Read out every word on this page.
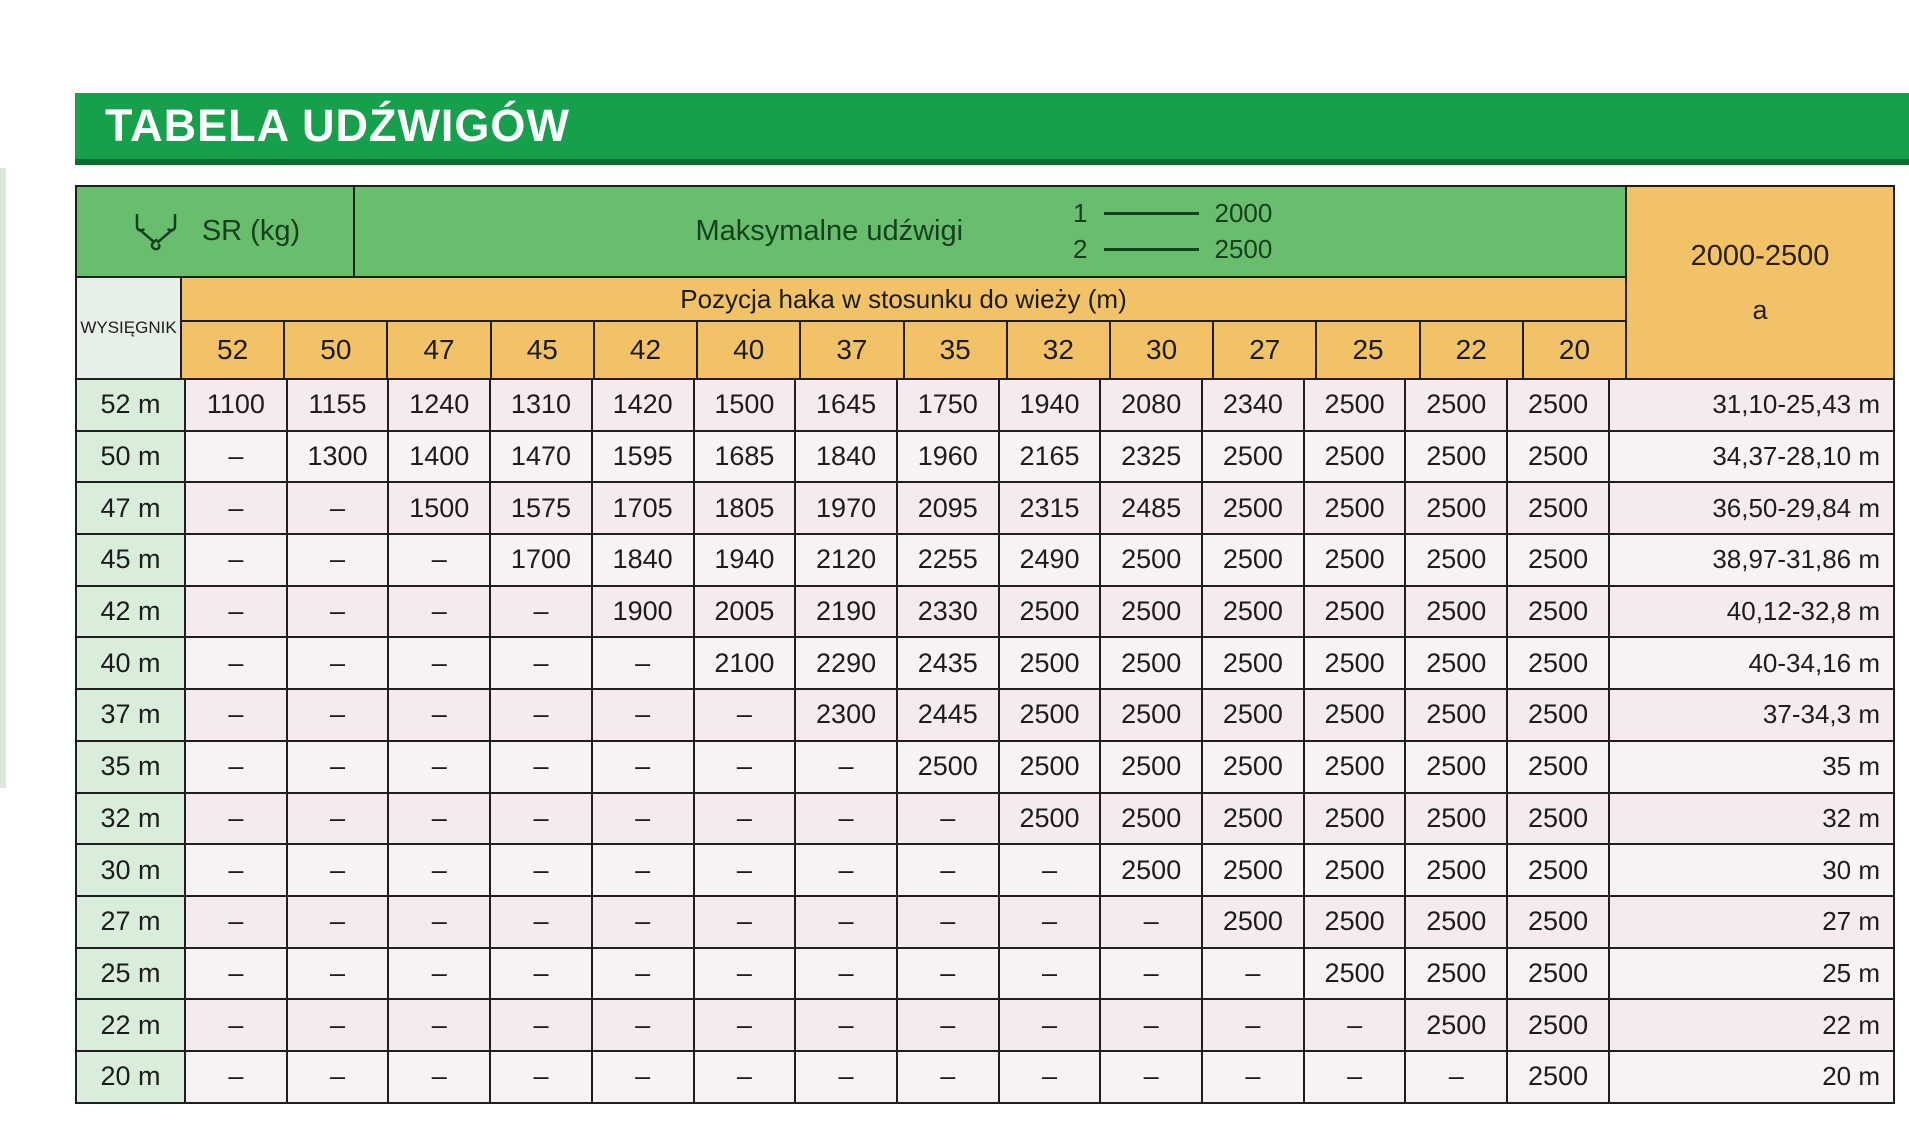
TABELA UDŹWIGÓW
SR (kg)	Maksymalne udźwigi
1	2000
2	2500	2000-2500
a
WYSIĘGNIK
Pozycja haka w stosunku do wieży (m)
52	50	47	45	42	40	37	35	32	30	27	25	22	20
52 m	1100	1155	1240	1310	1420	1500	1645	1750	1940	2080	2340	2500	2500	2500	31,10-25,43 m
50 m	–	1300	1400	1470	1595	1685	1840	1960	2165	2325	2500	2500	2500	2500	34,37-28,10 m
47 m	–	–	1500	1575	1705	1805	1970	2095	2315	2485	2500	2500	2500	2500	36,50-29,84 m
45 m	–	–	–	1700	1840	1940	2120	2255	2490	2500	2500	2500	2500	2500	38,97-31,86 m
42 m	–	–	–	–	1900	2005	2190	2330	2500	2500	2500	2500	2500	2500	40,12-32,8 m
40 m	–	–	–	–	–	2100	2290	2435	2500	2500	2500	2500	2500	2500	40-34,16 m
37 m	–	–	–	–	–	–	2300	2445	2500	2500	2500	2500	2500	2500	37-34,3 m
35 m	–	–	–	–	–	–	–	2500	2500	2500	2500	2500	2500	2500	35 m
32 m	–	–	–	–	–	–	–	–	2500	2500	2500	2500	2500	2500	32 m
30 m	–	–	–	–	–	–	–	–	–	2500	2500	2500	2500	2500	30 m
27 m	–	–	–	–	–	–	–	–	–	–	2500	2500	2500	2500	27 m
25 m	–	–	–	–	–	–	–	–	–	–	–	2500	2500	2500	25 m
22 m	–	–	–	–	–	–	–	–	–	–	–	–	2500	2500	22 m
20 m	–	–	–	–	–	–	–	–	–	–	–	–	–	2500	20 m
